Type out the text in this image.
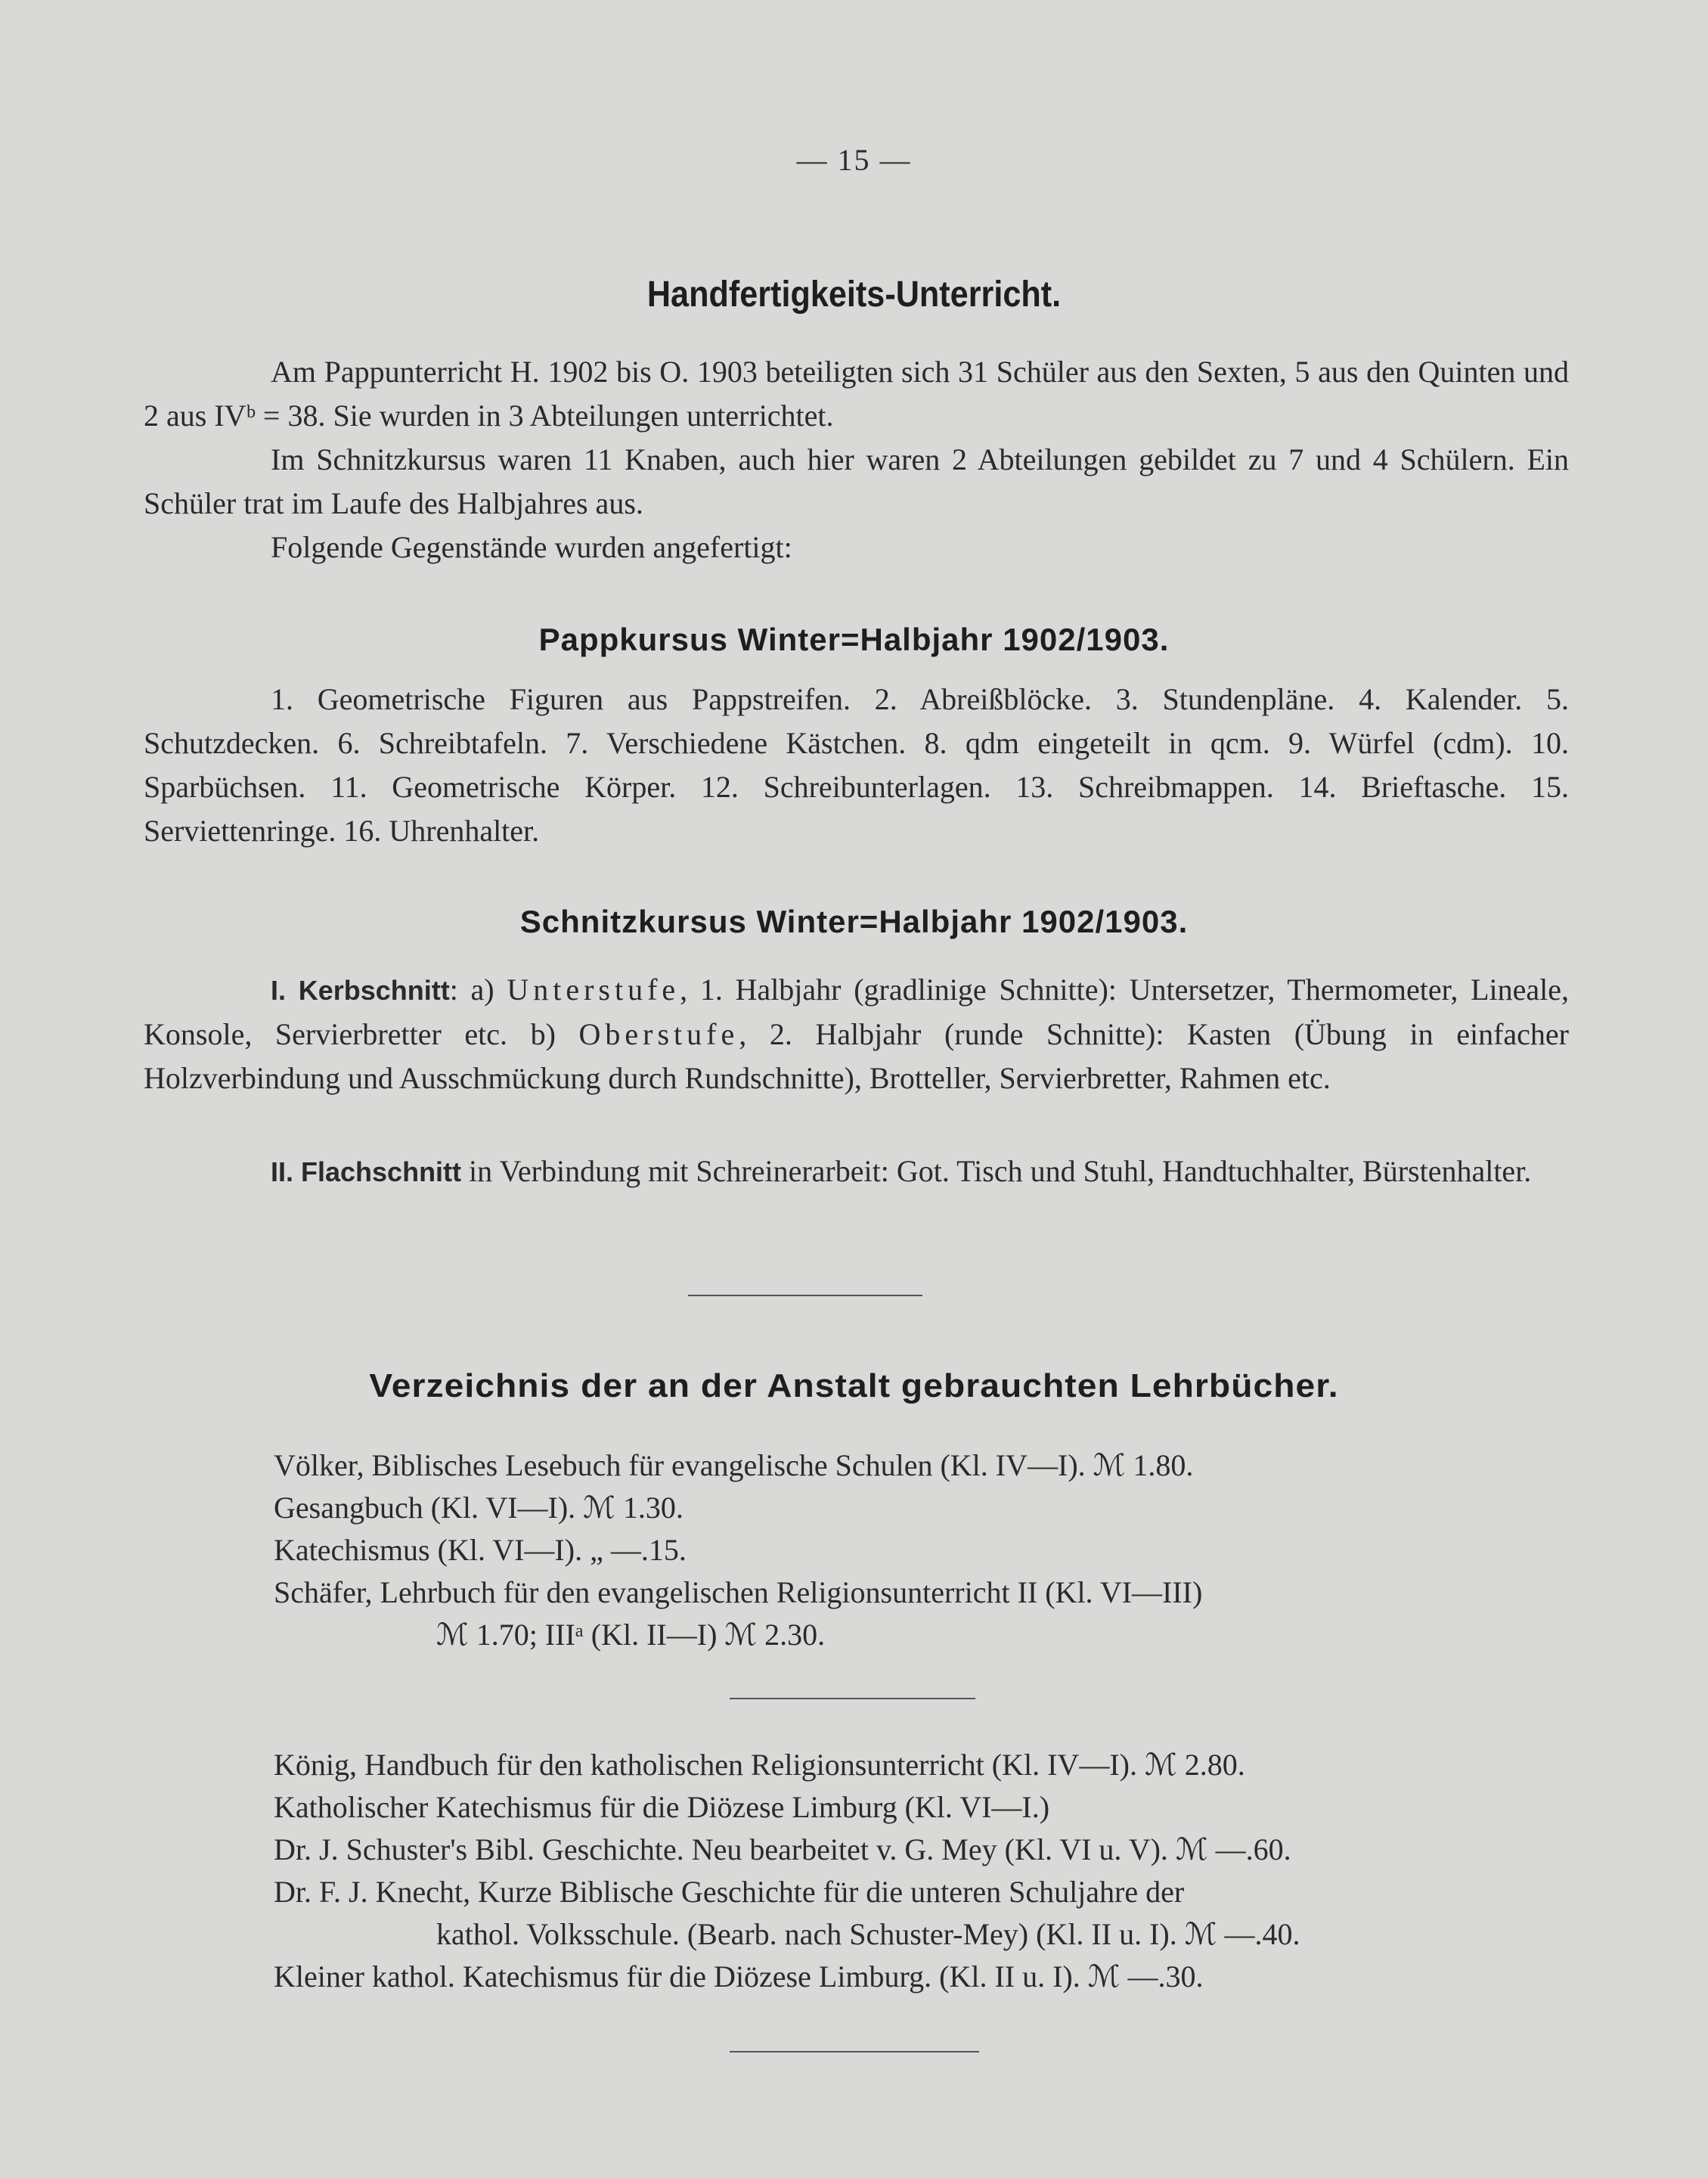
— 15 —
Handfertigkeits-Unterricht.
Am Pappunterricht H. 1902 bis O. 1903 beteiligten sich 31 Schüler aus den Sexten, 5 aus den Quinten und 2 aus IVᵇ = 38. Sie wurden in 3 Abteilungen unterrichtet.
Im Schnitzkursus waren 11 Knaben, auch hier waren 2 Abteilungen gebildet zu 7 und 4 Schülern. Ein Schüler trat im Laufe des Halbjahres aus.
Folgende Gegenstände wurden angefertigt:
Pappkursus Winter=Halbjahr 1902/1903.
1. Geometrische Figuren aus Pappstreifen. 2. Abreißblöcke. 3. Stundenpläne. 4. Kalender. 5. Schutzdecken. 6. Schreibtafeln. 7. Verschiedene Kästchen. 8. qdm eingeteilt in qcm. 9. Würfel (cdm). 10. Sparbüchsen. 11. Geometrische Körper. 12. Schreibunterlagen. 13. Schreibmappen. 14. Brieftasche. 15. Serviettenringe. 16. Uhrenhalter.
Schnitzkursus Winter=Halbjahr 1902/1903.
I. Kerbschnitt: a) Unterstufe, 1. Halbjahr (gradlinige Schnitte): Untersetzer, Thermometer, Lineale, Konsole, Servierbretter etc. b) Oberstufe, 2. Halbjahr (runde Schnitte): Kasten (Übung in einfacher Holzverbindung und Ausschmückung durch Rundschnitte), Brotteller, Servierbretter, Rahmen etc.
II. Flachschnitt in Verbindung mit Schreinerarbeit: Got. Tisch und Stuhl, Handtuchhalter, Bürstenhalter.
Verzeichnis der an der Anstalt gebrauchten Lehrbücher.
Völker, Biblisches Lesebuch für evangelische Schulen (Kl. IV—I). ℳ 1.80.
Gesangbuch (Kl. VI—I). ℳ 1.30.
Katechismus (Kl. VI—I). „ —.15.
Schäfer, Lehrbuch für den evangelischen Religionsunterricht II (Kl. VI—III)
ℳ 1.70; IIIᵃ (Kl. II—I) ℳ 2.30.
König, Handbuch für den katholischen Religionsunterricht (Kl. IV—I). ℳ 2.80.
Katholischer Katechismus für die Diözese Limburg (Kl. VI—I.)
Dr. J. Schuster's Bibl. Geschichte. Neu bearbeitet v. G. Mey (Kl. VI u. V). ℳ —.60.
Dr. F. J. Knecht, Kurze Biblische Geschichte für die unteren Schuljahre der
kathol. Volksschule. (Bearb. nach Schuster-Mey) (Kl. II u. I). ℳ —.40.
Kleiner kathol. Katechismus für die Diözese Limburg. (Kl. II u. I). ℳ —.30.
